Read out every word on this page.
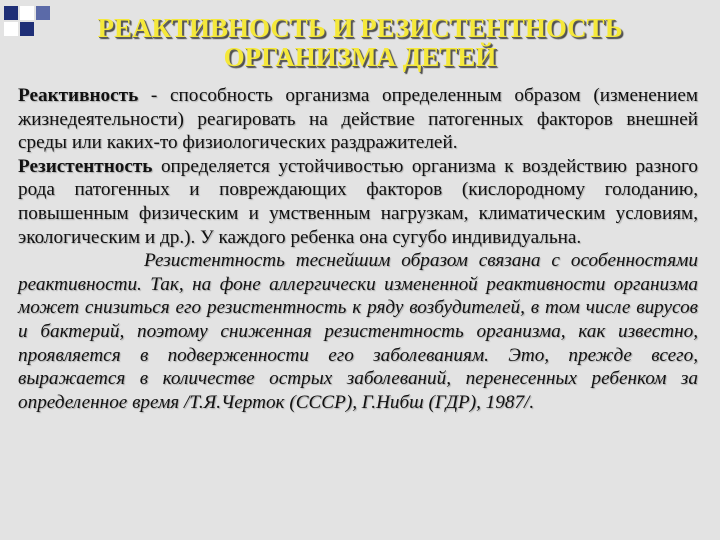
РЕАКТИВНОСТЬ И РЕЗИСТЕНТНОСТЬ
ОРГАНИЗМА ДЕТЕЙ

Реактивность - способность организма определенным образом (изменением жизнедеятельности) реагировать на действие патогенных факторов внешней среды или каких-то физиологических раздражителей.

Резистентность определяется устойчивостью организма к воздействию разного рода патогенных и повреждающих факторов (кислородному голоданию, повышенным физическим и умственным нагрузкам, климатическим условиям, экологическим и др.). У каждого ребенка она сугубо индивидуальна.

Резистентность теснейшим образом связана с особенностями реактивности. Так, на фоне аллергически измененной реактивности организма может снизиться его резистентность к ряду возбудителей, в том числе вирусов и бактерий, поэтому сниженная резистентность организма, как известно, проявляется в подверженности его заболеваниям. Это, прежде всего, выражается в количестве острых заболеваний, перенесенных ребенком за определенное время /Т.Я.Черток (СССР), Г.Нибш (ГДР), 1987/.
